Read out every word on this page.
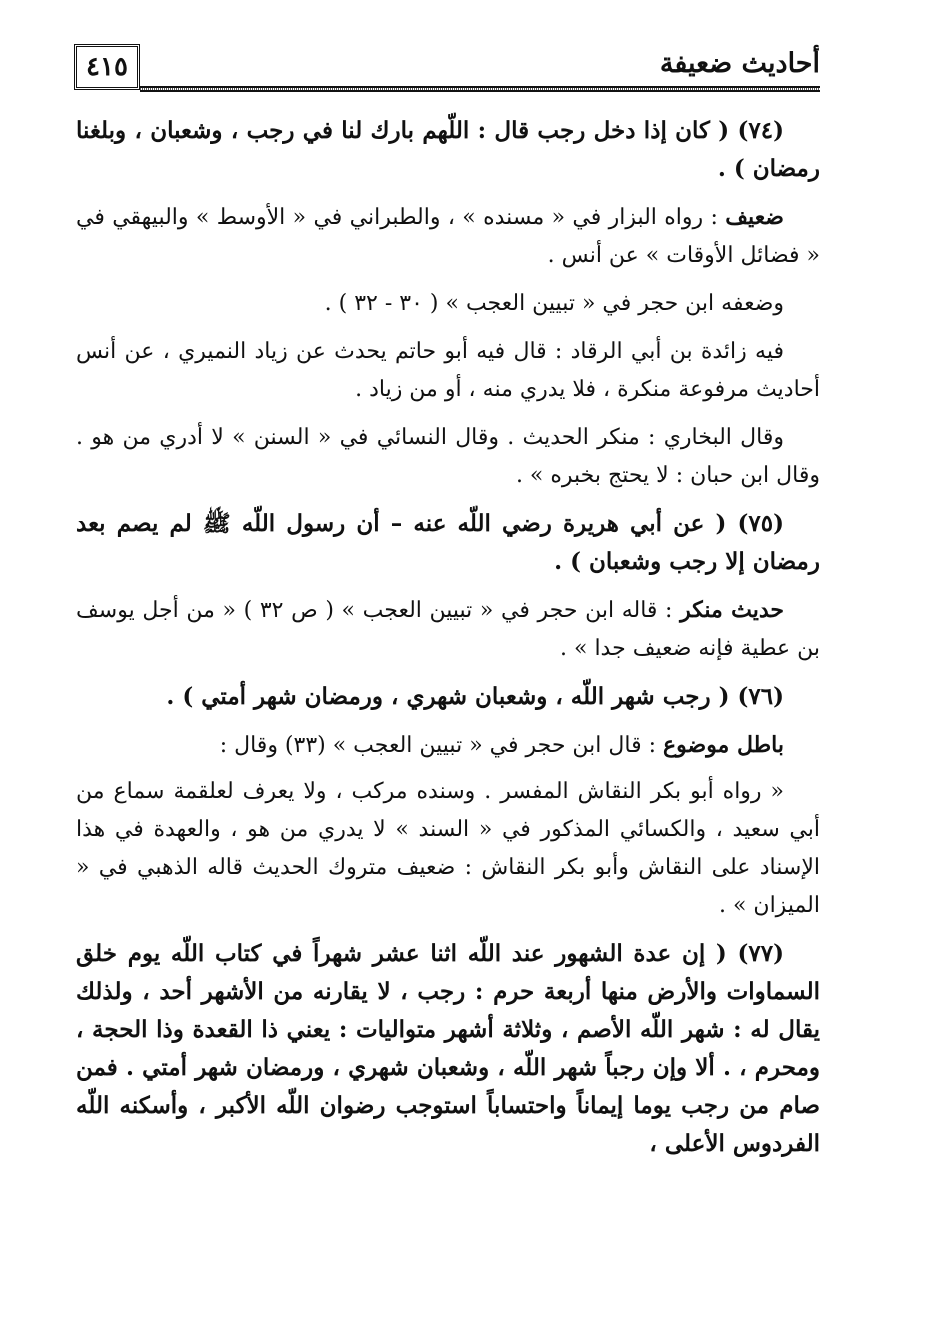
٤١٥	أحاديث ضعيفة

(٧٤) ( كان إذا دخل رجب قال : اللّهم بارك لنا في رجب ، وشعبان ، وبلغنا رمضان ) .

ضعيف : رواه البزار في « مسنده » ، والطبراني في « الأوسط » والبيهقي في « فضائل الأوقات » عن أنس .

وضعفه ابن حجر في « تبيين العجب » ( ٣٠ - ٣٢ ) .

فيه زائدة بن أبي الرقاد : قال فيه أبو حاتم يحدث عن زياد النميري ، عن أنس أحاديث مرفوعة منكرة ، فلا يدري منه ، أو من زياد .

وقال البخاري : منكر الحديث . وقال النسائي في « السنن » لا أدري من هو . وقال ابن حبان : لا يحتج بخبره » .

(٧٥) ( عن أبي هريرة رضي اللّه عنه – أن رسول اللّه ﷺ لم يصم بعد رمضان إلا رجب وشعبان ) .

حديث منكر : قاله ابن حجر في « تبيين العجب » ( ص ٣٢ ) « من أجل يوسف بن عطية فإنه ضعيف جدا » .

(٧٦) ( رجب شهر اللّه ، وشعبان شهري ، ورمضان شهر أمتي ) .

باطل موضوع : قال ابن حجر في « تبيين العجب » (٣٣) وقال :

« رواه أبو بكر النقاش المفسر . وسنده مركب ، ولا يعرف لعلقمة سماع من أبي سعيد ، والكسائي المذكور في « السند » لا يدري من هو ، والعهدة في هذا الإسناد على النقاش وأبو بكر النقاش : ضعيف متروك الحديث قاله الذهبي في « الميزان » .

(٧٧) ( إن عدة الشهور عند اللّه اثنا عشر شهراً في كتاب اللّه يوم خلق السماوات والأرض منها أربعة حرم : رجب ، لا يقارنه من الأشهر أحد ، ولذلك يقال له : شهر اللّه الأصم ، وثلاثة أشهر متواليات : يعني ذا القعدة وذا الحجة ، ومحرم ، . ألا وإن رجباً شهر اللّه ، وشعبان شهري ، ورمضان شهر أمتي . فمن صام من رجب يوما إيماناً واحتساباً استوجب رضوان اللّه الأكبر ، وأسكنه اللّه الفردوس الأعلى ،
